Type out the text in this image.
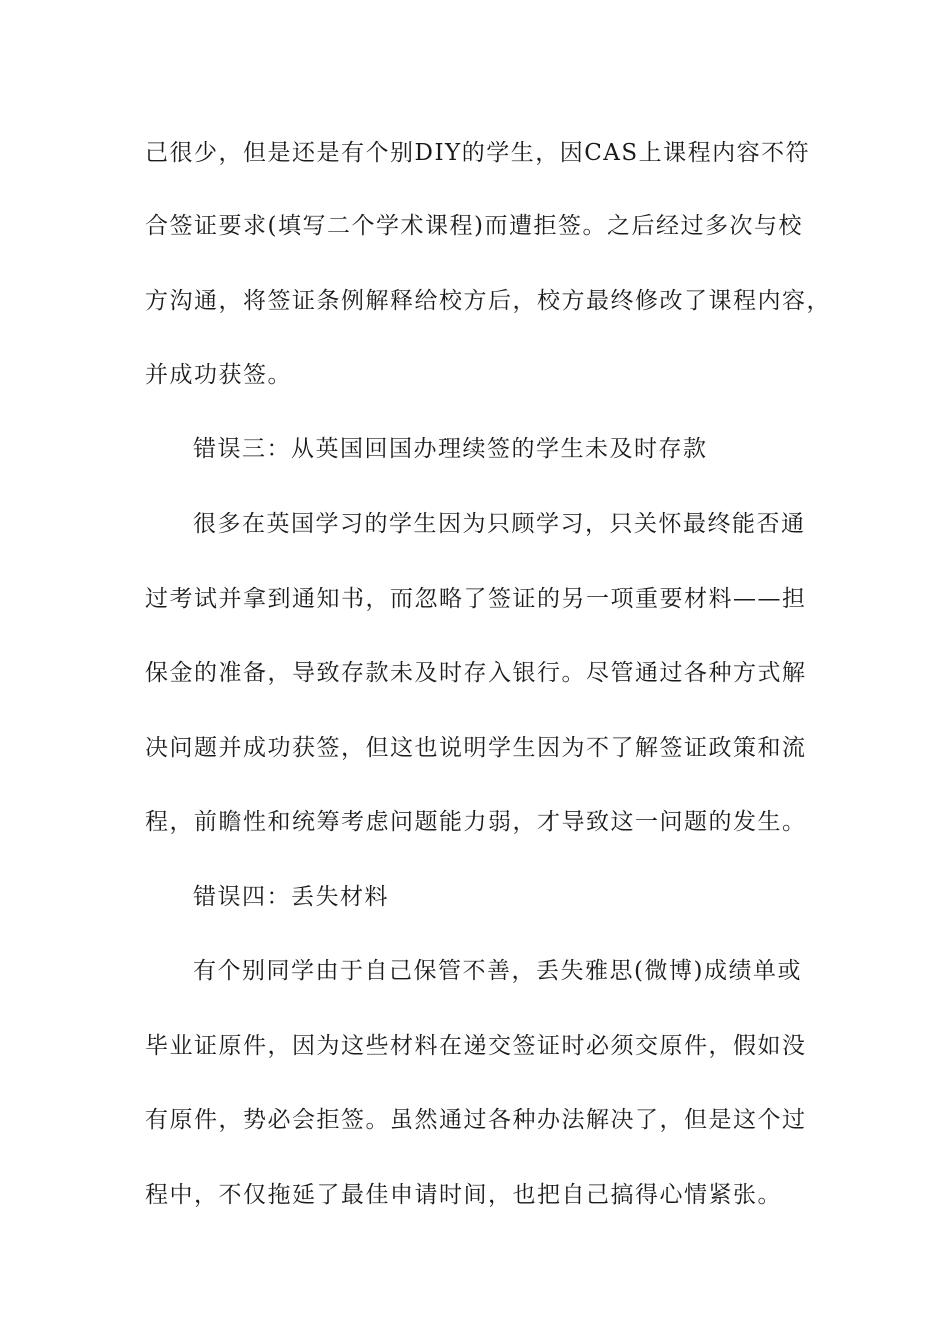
己很少，但是还是有个别DIY的学生，因CAS上课程内容不符
合签证要求(填写二个学术课程)而遭拒签。之后经过多次与校
方沟通，将签证条例解释给校方后，校方最终修改了课程内容，
并成功获签。
错误三：从英国回国办理续签的学生未及时存款
很多在英国学习的学生因为只顾学习，只关怀最终能否通
过考试并拿到通知书，而忽略了签证的另一项重要材料——担
保金的准备，导致存款未及时存入银行。尽管通过各种方式解
决问题并成功获签，但这也说明学生因为不了解签证政策和流
程，前瞻性和统筹考虑问题能力弱，才导致这一问题的发生。
错误四：丢失材料
有个别同学由于自己保管不善，丢失雅思(微博)成绩单或
毕业证原件，因为这些材料在递交签证时必须交原件，假如没
有原件，势必会拒签。虽然通过各种办法解决了，但是这个过
程中，不仅拖延了最佳申请时间，也把自己搞得心情紧张。
